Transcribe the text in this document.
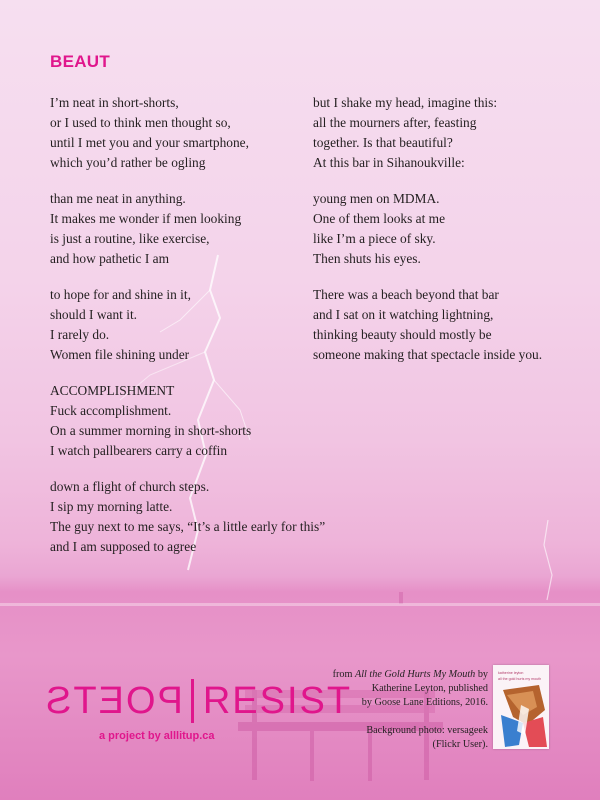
BEAUT

I’m neat in short-shorts,
or I used to think men thought so,
until I met you and your smartphone,
which you’d rather be ogling

than me neat in anything.
It makes me wonder if men looking
is just a routine, like exercise,
and how pathetic I am

to hope for and shine in it,
should I want it.
I rarely do.
Women file shining under

ACCOMPLISHMENT
Fuck accomplishment.
On a summer morning in short-shorts
I watch pallbearers carry a coffin

down a flight of church steps.
I sip my morning latte.
The guy next to me says, “It’s a little early for this”
and I am supposed to agree

but I shake my head, imagine this:
all the mourners after, feasting
together. Is that beautiful?
At this bar in Sihanoukville:

young men on MDMA.
One of them looks at me
like I’m a piece of sky.
Then shuts his eyes.

There was a beach beyond that bar
and I sat on it watching lightning,
thinking beauty should mostly be
someone making that spectacle inside you.

POETS RESIST
a project by alllitup.ca
from All the Gold Hurts My Mouth by
Katherine Leyton, published
by Goose Lane Editions, 2016.
Background photo: versageek
(Flickr User).
katherine leyton
all the gold hurts my mouth
